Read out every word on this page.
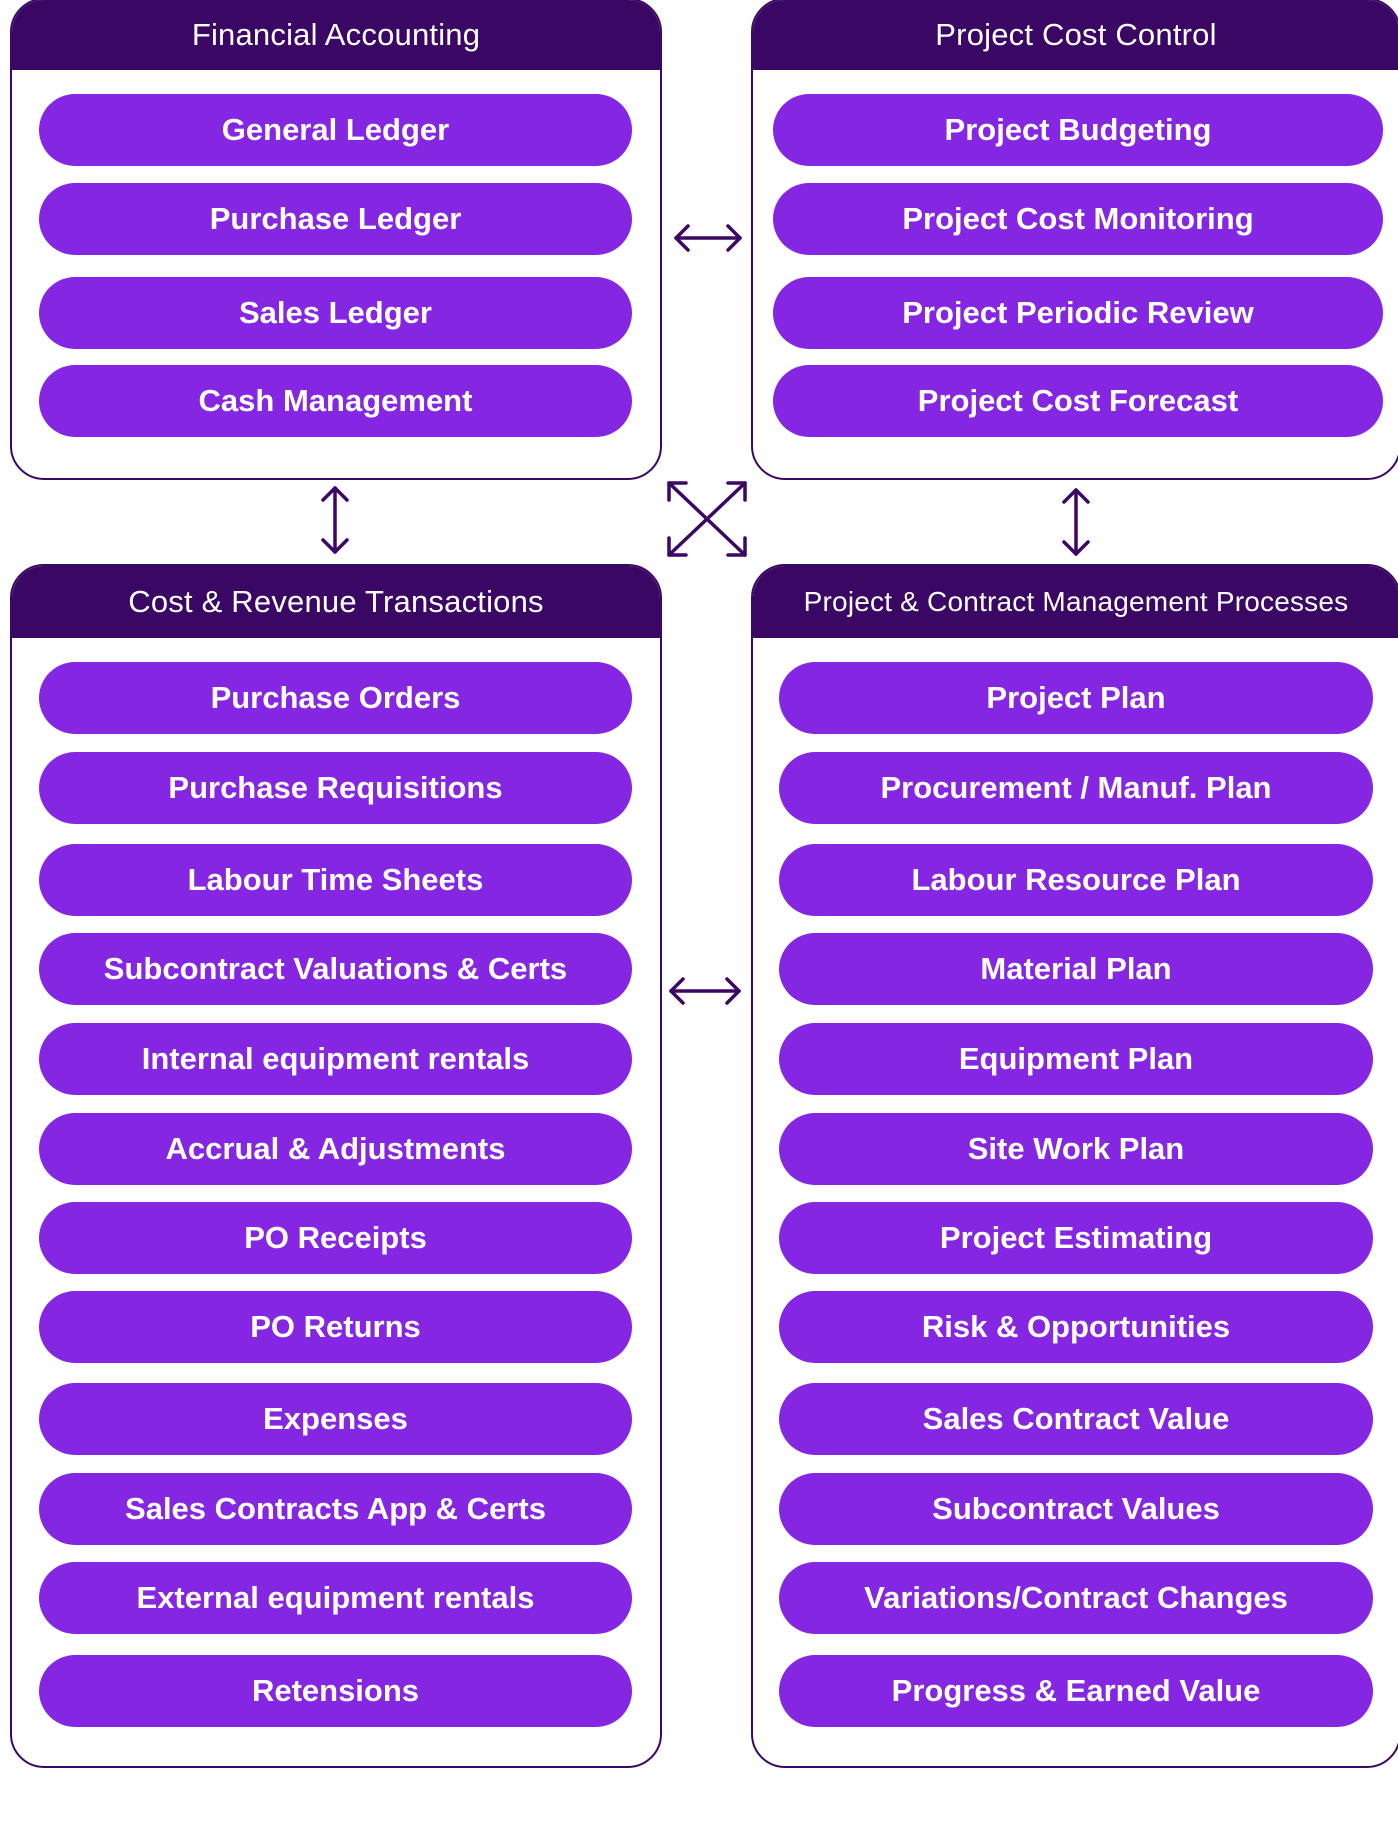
Financial Accounting
General Ledger
Purchase Ledger
Sales Ledger
Cash Management
Project Cost Control
Project Budgeting
Project Cost Monitoring
Project Periodic Review
Project Cost Forecast
Cost & Revenue Transactions
Purchase Orders
Purchase Requisitions
Labour Time Sheets
Subcontract Valuations & Certs
Internal equipment rentals
Accrual & Adjustments
PO Receipts
PO Returns
Expenses
Sales Contracts App & Certs
External equipment rentals
Retensions
Project & Contract Management Processes
Project Plan
Procurement / Manuf. Plan
Labour Resource Plan
Material Plan
Equipment Plan
Site Work Plan
Project Estimating
Risk & Opportunities
Sales Contract Value
Subcontract Values
Variations/Contract Changes
Progress & Earned Value
